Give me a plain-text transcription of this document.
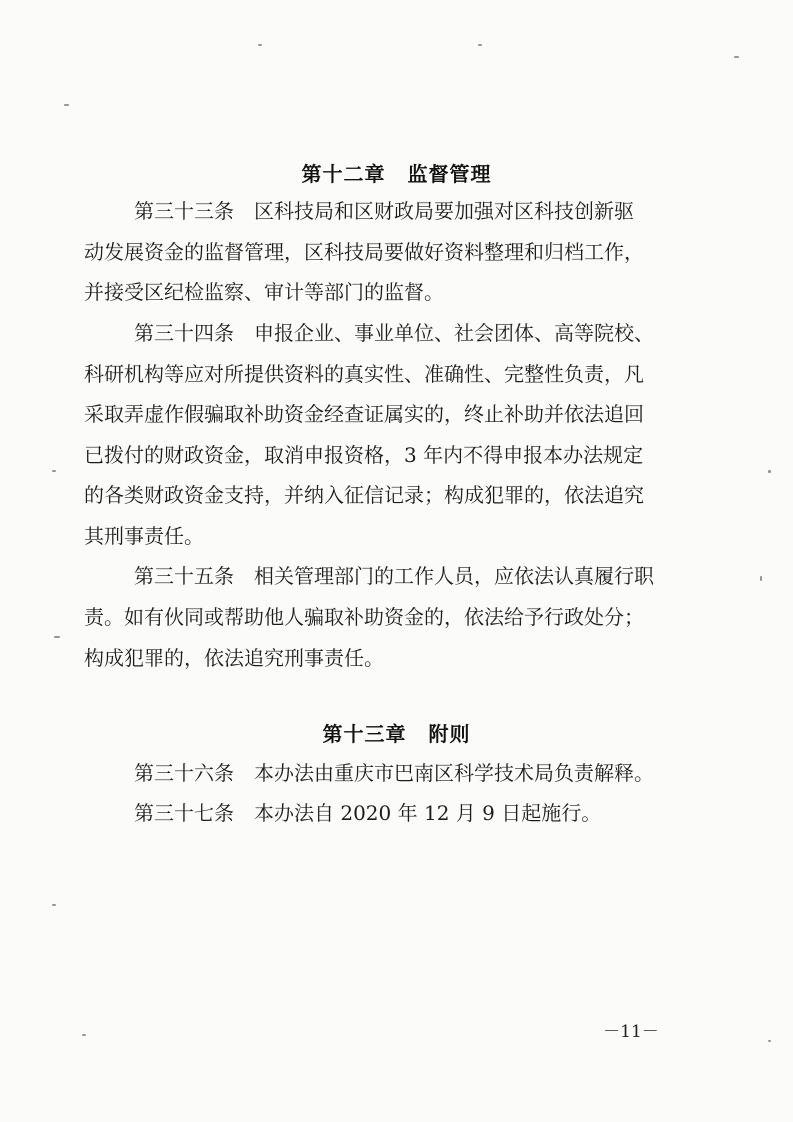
第十二章 监督管理
第三十三条 区科技局和区财政局要加强对区科技创新驱
动发展资金的监督管理，区科技局要做好资料整理和归档工作，
并接受区纪检监察、审计等部门的监督。
第三十四条 申报企业、事业单位、社会团体、高等院校、
科研机构等应对所提供资料的真实性、准确性、完整性负责，凡
采取弄虚作假骗取补助资金经查证属实的，终止补助并依法追回
已拨付的财政资金，取消申报资格，3 年内不得申报本办法规定
的各类财政资金支持，并纳入征信记录；构成犯罪的，依法追究
其刑事责任。
第三十五条 相关管理部门的工作人员，应依法认真履行职
责。如有伙同或帮助他人骗取补助资金的，依法给予行政处分；
构成犯罪的，依法追究刑事责任。
第十三章 附则
第三十六条 本办法由重庆市巴南区科学技术局负责解释。
第三十七条 本办法自 2020 年 12 月 9 日起施行。
－11－
